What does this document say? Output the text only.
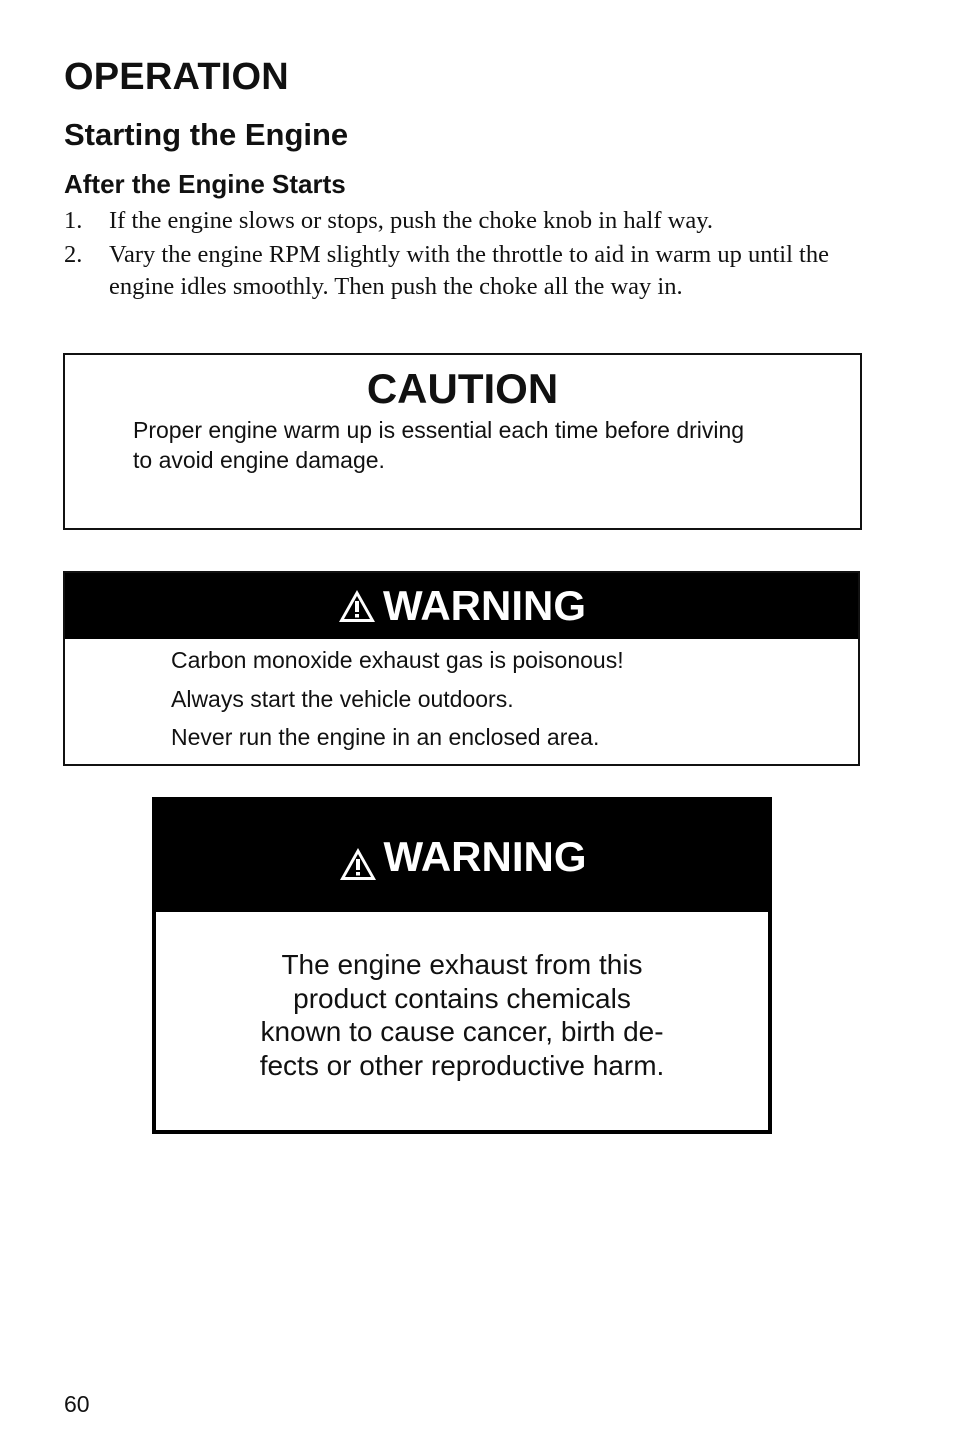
OPERATION
Starting the Engine
After the Engine Starts
1. If the engine slows or stops, push the choke knob in half way.
2. Vary the engine RPM slightly with the throttle to aid in warm up until the engine idles smoothly. Then push the choke all the way in.
CAUTION
Proper engine warm up is essential each time before driving to avoid engine damage.
WARNING
Carbon monoxide exhaust gas is poisonous!
Always start the vehicle outdoors.
Never run the engine in an enclosed area.
WARNING
The engine exhaust from this
product contains chemicals
known to cause cancer, birth de-
fects or other reproductive harm.
60
